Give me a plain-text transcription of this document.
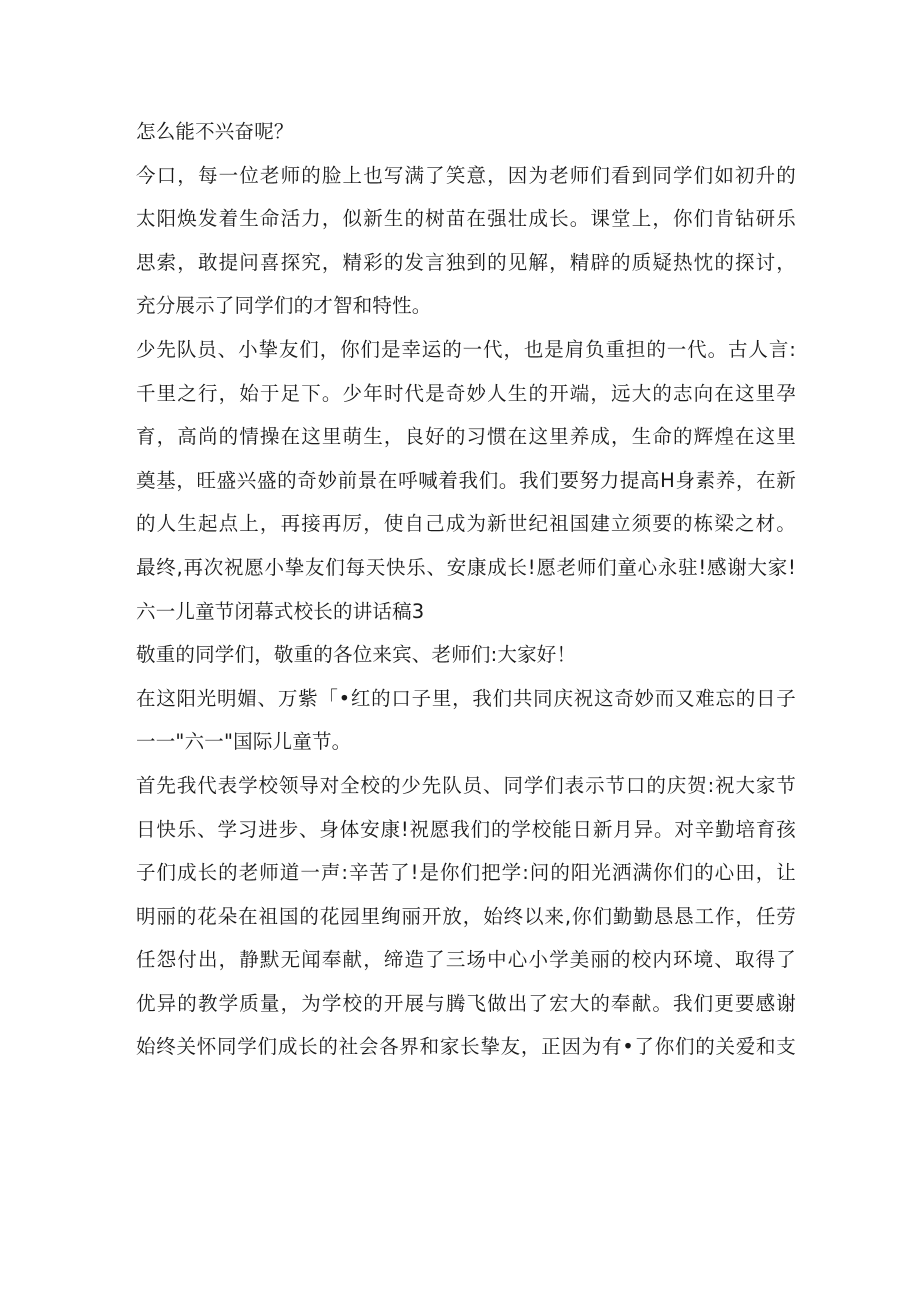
怎么能不兴奋呢？
今口，每一位老师的脸上也写满了笑意，因为老师们看到同学们如初升的
太阳焕发着生命活力，似新生的树苗在强壮成长。课堂上，你们肯钻研乐
思索，敢提问喜探究，精彩的发言独到的见解，精辟的质疑热忱的探讨，
充分展示了同学们的才智和特性。
少先队员、小挚友们，你们是幸运的一代，也是肩负重担的一代。古人言:
千里之行，始于足下。少年时代是奇妙人生的开端，远大的志向在这里孕
育，高尚的情操在这里萌生，良好的习惯在这里养成，生命的辉煌在这里
奠基，旺盛兴盛的奇妙前景在呼喊着我们。我们要努力提高H身素养，在新
的人生起点上，再接再厉，使自己成为新世纪祖国建立须要的栋梁之材。
最终,再次祝愿小挚友们每天快乐、安康成长!愿老师们童心永驻!感谢大家!
六一儿童节闭幕式校长的讲话稿3
敬重的同学们，敬重的各位来宾、老师们:大家好！
在这阳光明媚、万紫「•红的口子里，我们共同庆祝这奇妙而又难忘的日子
一一"六一"国际儿童节。
首先我代表学校领导对全校的少先队员、同学们表示节口的庆贺:祝大家节
日快乐、学习进步、身体安康!祝愿我们的学校能日新月异。对辛勤培育孩
子们成长的老师道一声:辛苦了!是你们把学:问的阳光洒满你们的心田，让
明丽的花朵在祖国的花园里绚丽开放，始终以来,你们勤勤恳恳工作，任劳
任怨付出，静默无闻奉献，缔造了三场中心小学美丽的校内环境、取得了
优异的教学质量，为学校的开展与腾飞做出了宏大的奉献。我们更要感谢
始终关怀同学们成长的社会各界和家长挚友，正因为有•了你们的关爱和支
